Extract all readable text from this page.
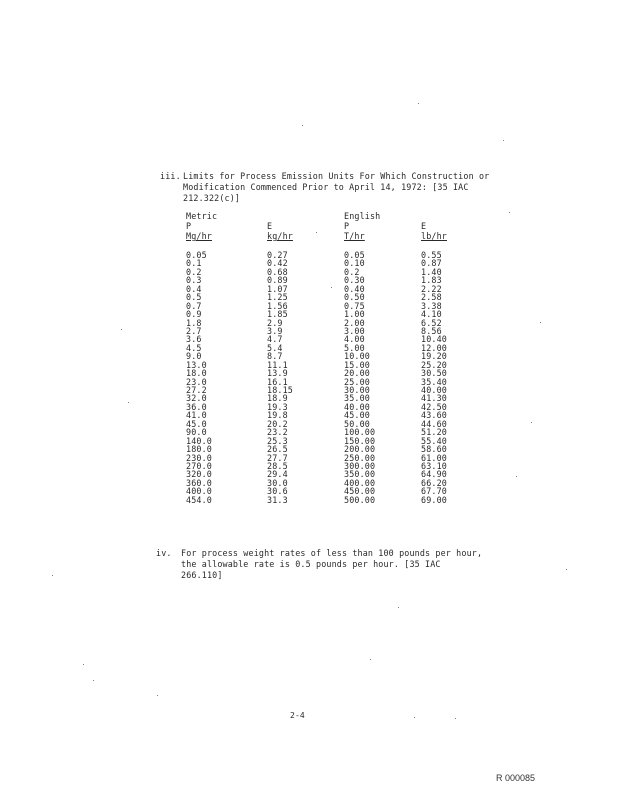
iii. Limits for Process Emission Units For Which Construction or
Modification Commenced Prior to April 14, 1972: [35 IAC
212.322(c)]
Metric	English
P	E	P	E
Mg/hr	kg/hr	T/hr	lb/hr
0.05	0.27	0.05	0.55
0.1	0.42	0.10	0.87
0.2	0.68	0.2	1.40
0.3	0.89	0.30	1.83
0.4	1.07	0.40	2.22
0.5	1.25	0.50	2.58
0.7	1.56	0.75	3.38
0.9	1.85	1.00	4.10
1.8	2.9	2.00	6.52
2.7	3.9	3.00	8.56
3.6	4.7	4.00	10.40
4.5	5.4	5.00	12.00
9.0	8.7	10.00	19.20
13.0	11.1	15.00	25.20
18.0	13.9	20.00	30.50
23.0	16.1	25.00	35.40
27.2	18.15	30.00	40.00
32.0	18.9	35.00	41.30
36.0	19.3	40.00	42.50
41.0	19.8	45.00	43.60
45.0	20.2	50.00	44.60
90.0	23.2	100.00	51.20
140.0	25.3	150.00	55.40
180.0	26.5	200.00	58.60
230.0	27.7	250.00	61.00
270.0	28.5	300.00	63.10
320.0	29.4	350.00	64.90
360.0	30.0	400.00	66.20
400.0	30.6	450.00	67.70
454.0	31.3	500.00	69.00
iv. For process weight rates of less than 100 pounds per hour,
the allowable rate is 0.5 pounds per hour. [35 IAC
266.110]
2-4
R 000085
